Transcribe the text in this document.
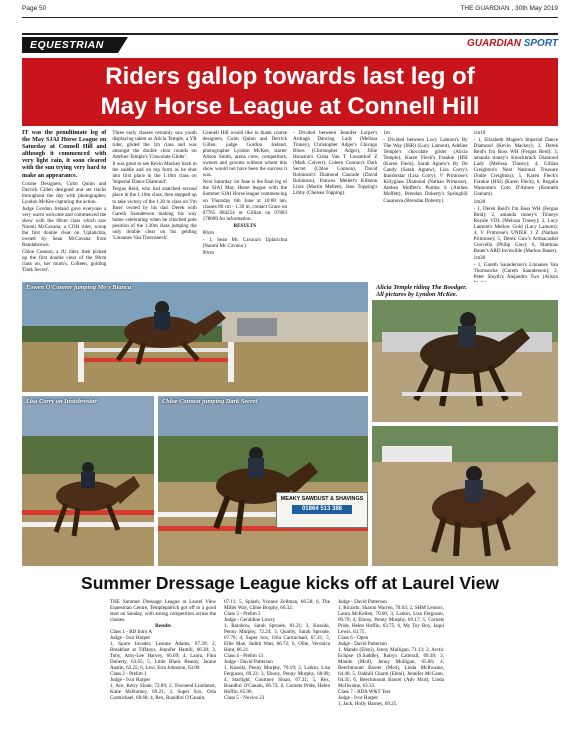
Page 50	THE GUARDIAN , 30th May 2019
EQUESTRIAN	GUARDIAN SPORT
Riders gallop towards last leg of
May Horse League at Connell Hill

IT was the penultimate leg of the May SJAI Horse League on Saturday at Connell Hill and although it commenced with very light rain, it soon cleared with the sun trying very hard to make an appearance.

Course Designers, Colm Quinn and Derrick Gillen designed and set tracks throughout the day with photographer, Lyndon McKee capturing the action.

Judge Gordon Ireland gave everyone a very warm welcome and commenced the show with the 80cm class which saw Naomi McCavana, a COH rider, scoop the first double clear on 'Uplatichta, owned by Sean McCavana from Randalstown.

Chloe Connon, a JU rider, then picked up the first double clear of the 90cm class on, her mum's, Colleen, golding 'Dark Secret'.

Three early classes certainly saw youth displaying talent as Alicia Temple, a YR rider, glided the 1m class and was amongst the double clear rounds on Adeline Temple's 'Chocolate Glider'.

It was great to see Kevin Mackey back in the saddle and on top form as he shot into first place in the 1.10m class on 'Imperial Dance Diamond'.

Fergus Reid, who had snatched second place in the 1.10m class, then stepped up to take victory of the 1.20 m class on 'I'm Boss' owned by his dad. Derek with Gareth Saunderson making his way home celebrating when he clinched pole position of the 1.30m class jumping the only double clear on his gelding 'Linnanes Van Thornsneck'.

Connell Hill would like to thank course designers, Colm Quinn and Derrick Gillen, judge Gordon Ireland, photographer Lyndon McKee, starter Alison Smith, arena crew, competitors, owners and grooms without whom this show would not have been the success it was.

Next Saturday 1st June is the final leg of the SJAI May Horse league with the Summer SJAI Horse league commencing on Thursday 6th June at 10:00 am, classes 80 cm - 1.30 m, contact Grace on 07765 884254 or Gillian on 07803 178009 for information.

RESULTS

80cm

- 1, Sean Mc Cavana's Uplarichta (Naomi Mc Cavana ).

90cm

- Divided between Jennifer Lorper's Ardragh Dancing Lady (Melissa Tinney), Christopher Adger's Chicago Blues (Christopher Adger), Jillie Houston's Cisba Van T Louzerhof Z (Mark Calvert), Coleen Connon's Dark Secret (Chloe Connon), David Robinson's Diamond Cascade (David Robinson), Frances Mellett's Kilkenn Lixie (Martin Mellett), Jean Topping's Libby (Chelsea Topping).

1m

- Divided between Lucy Lamont's By The Way (IHR) (Lucy Lamont), Adeline Temple's chocolate glider (Alicia Temple), Karen Fleck's Frankie (HSI (Karen Fleck), Sarah Agnew's By De Candy (Sarah Agnew), Lisa Corry's Innisbrstar (Lisa Corry), V Primrose's Killyglass Diamond (Nathan Primrose), Anthea Moffett's Pumba S (Anthea Moffett), Brendan Doherty's Springhill Casanova (Brendan Doherty).

1m10

- 1, Elizabeth Magee's Imperial Dance Diamond (Kevin Mackey); 2, Derek Reid's I'm Boss WH (Fergus Reid); 3, amanda tinney's Knockbrack Diamond Lady (Melissa Tinney); 4, Gillian Creighton's Neat National Treasure (Jodie Creighton); 5, Karen Fleck's Frankie (HSI) (Karen Fleck), 6, Regalia Wassome's Coto D'Amore (Kenneth Graham).

1m20

- 1, Derek Reid's I'm Boss WH (Fergus Reid); 2, amanda tinney's Tinneys Royale VDL (Melissa Tinney); 3, Lucy Lamont's Mellow Gold (Lucy Lamont); 4, V Primrose's UNIEK 1 Z (Nathan Primrose); 5, Derek Gaw's Ardnacashel Coovella (Philip Gaw); 6, Matthias Bauer's ARD Invincible (Markus Bauer).

1m30

- 1, Gareth Saunderson's Linnanes Van Thornsncke (Gareth Saunderson); 2, Peter Smyth's Alejandro Two (Alison

Eowen O'Connor jumping Mo's Bianca	Alicia Temple riding The Boodger.
All pictures by Lyndon McKee.
Lisa Corry on Innisbrostar
MEAKY SAWDUST & SHAVINGS
01864 513 388
Chloe Connon jumping Dark Secret
Summer Dressage League kicks off at Laurel View

THE Summer Dressage League at Laurel View Equestrian Centre, Templepatrick got off to a good start on Sunday, with strong competition across the classes.

Results

Class 1 - BD Intro A

Judge - Ivor Harper

1, Space Invader, Leanne Adams, 67.39; 2, Breakfast at Tiffanys, Jennifer Hamill, 66.30; 3, Toby, Amy-Lee Harvey, 66.09; 4, Laura, Finn Doherty, 63.65; 5, Little Black Beauty, Janine Austin, 63.25; 6, Lexi, Erin Johnston, 63.00.

Class 2 - Prelim 1

Judge - Ivor Harper

1, Ace, Kerry Sloan, 72.89; 2, Townend Lionheart, Katie McBurney, 69.21; 3, Super Sox, Orla Carmichael, 68.68; 4, Rex, Ruaidhri O'Canain,

67.11; 5, Splash, Yvonne Zellman, 66.58; 6, The Miller Way, Chloe Brophy, 66.32.

Class 3 - Prelim 2

Judge - Geraldine Lowry

1, Rainbow, Sarah Sproule, 81.21; 2, Kossiki, Penny Murphy, 72.24; 3, Quality, Sarah Sproule, 67.76; 4, Super Sox, Orla Carmichael, 67.41; 5, Ellie Mae, Judith Watt, 66.72; 6, Ollie, Veronica Hunt, 66.21.

Class 4 - Prelim 13

Judge - David Patterson

1, Kossiki, Penny Murphy, 70.19; 2, Larkin, Lisa Ferguson, 69.23; 3, Ebony, Penny Murphy, 68.08; 4, Starlight, Courtney Sloan, 67.31; 5, Rex, Ruaidhri O'Canain, 66.73; 6, Cornets Pride, Helen Hoffin, 65.96.

Class 5 - Novice 23

Judge - David Patterson

1, Ricardo, Sharon Warren, 70.63; 2, SHM Lennox, Laura McKellen, 70.00; 3, Larkin, Lisa Ferguson, 69.79; 4, Ebony, Penny Murphy, 69.17; 5, Cornets Pride, Helen Hoffin, 63.75; 6, My Toy Boy, Jaqui Lewis, 63.75.

Class 6 - Open

Judge - David Patterson

1, Mando (Eleni), Jenny Mulligan, 71.13; 2, Arctic Eclipse (S.Saddle), Robyn Catterall, 69.38; 3, Mando (Mcd), Jenny Mulligan, 65.86; 4, Beechmount Baxter (Mcd), Linda McIlwaine, 64.46; 5, Oakhill Charm (Eleni), Jennifer McGann, 64.35; 6, Beechmount Baxter (Adv Mcd), Linda McIlwaine, 63.33.

Class 7 - RDA W&T Test

Judge - Ivor Harper

1, Jack, Holly Harney, 69.25.
